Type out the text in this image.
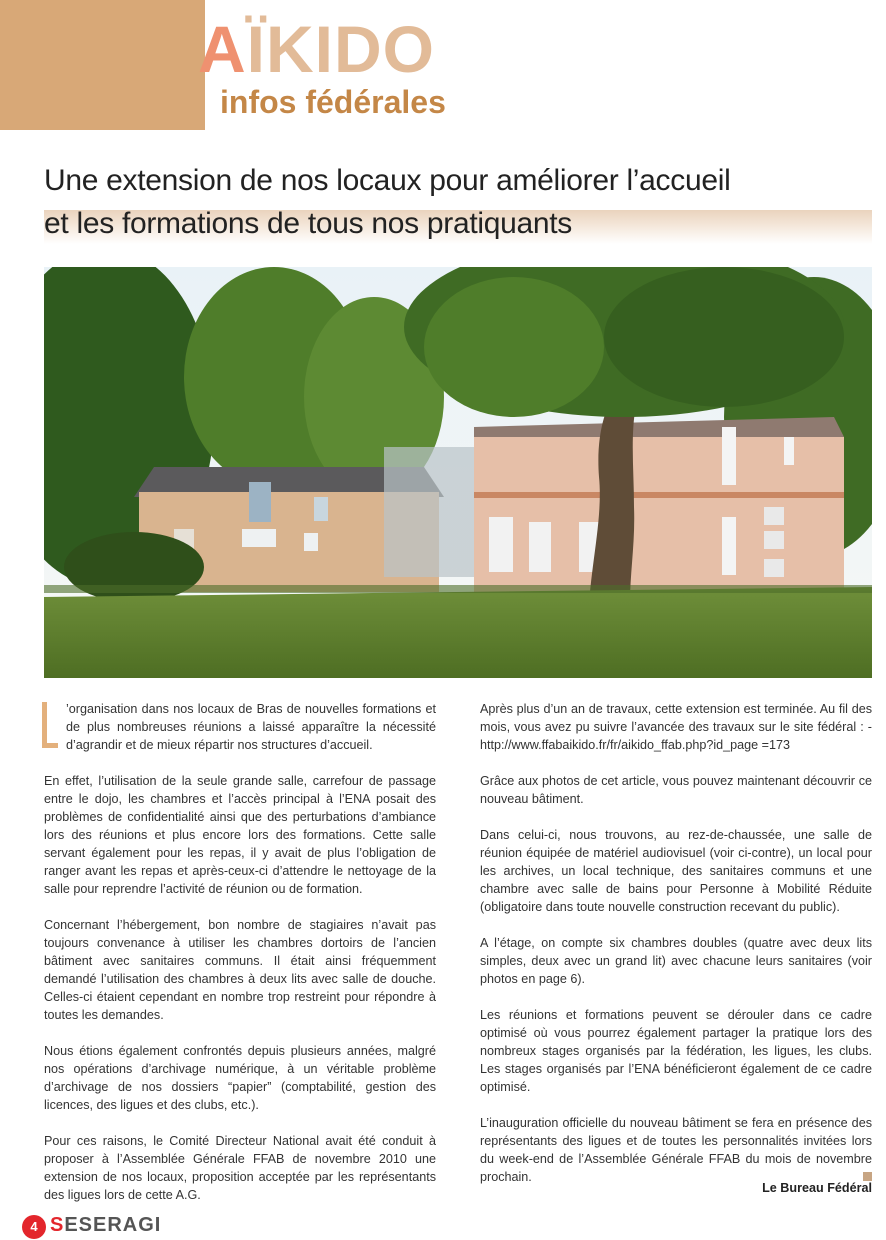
AÏKIDO
infos fédérales
Une extension de nos locaux pour améliorer l’accueil
et les formations de tous nos pratiquants

’organisation dans nos locaux de Bras de nouvelles formations et de plus nombreuses réunions a laissé apparaître la nécessité d’agrandir et de mieux répartir nos structures d’accueil.

En effet, l’utilisation de la seule grande salle, carrefour de passage entre le dojo, les chambres et l’accès principal à l’ENA posait des problèmes de confidentialité ainsi que des perturbations d’ambiance lors des réunions et plus encore lors des formations. Cette salle servant également pour les repas, il y avait de plus l’obligation de ranger avant les repas et après-ceux-ci d’attendre le nettoyage de la salle pour reprendre l’activité de réunion ou de formation.

Concernant l’hébergement, bon nombre de stagiaires n’avait pas toujours convenance à utiliser les chambres dortoirs de l’ancien bâtiment avec sanitaires communs. Il était ainsi fréquemment demandé l’utilisation des chambres à deux lits avec salle de douche. Celles-ci étaient cependant en nombre trop restreint pour répondre à toutes les demandes.

Nous étions également confrontés depuis plusieurs années, malgré nos opérations d’archivage numérique, à un véritable problème d’archivage de nos dossiers “papier” (comptabilité, gestion des licences, des ligues et des clubs, etc.).

Pour ces raisons, le Comité Directeur National avait été conduit à proposer à l’Assemblée Générale FFAB de novembre 2010 une extension de nos locaux, proposition acceptée par les représentants des ligues lors de cette A.G.

Après plus d’un an de travaux, cette extension est terminée. Au fil des mois, vous avez pu suivre l’avancée des travaux sur le site fédéral : - http://www.ffabaikido.fr/fr/aikido_ffab.php?id_page =173

Grâce aux photos de cet article, vous pouvez maintenant découvrir ce nouveau bâtiment.

Dans celui-ci, nous trouvons, au rez-de-chaussée, une salle de réunion équipée de matériel audiovisuel (voir ci-contre), un local pour les archives, un local technique, des sanitaires communs et une chambre avec salle de bains pour Personne à Mobilité Réduite (obligatoire dans toute nouvelle construction recevant du public).

A l’étage, on compte six chambres doubles (quatre avec deux lits simples, deux avec un grand lit) avec chacune leurs sanitaires (voir photos en page 6).

Les réunions et formations peuvent se dérouler dans ce cadre optimisé où vous pourrez également partager la pratique lors des nombreux stages organisés par la fédération, les ligues, les clubs. Les stages organisés par l’ENA bénéficieront également de ce cadre optimisé.

L’inauguration officielle du nouveau bâtiment se fera en présence des représentants des ligues et de toutes les personnalités invitées lors du week-end de l’Assemblée Générale FFAB du mois de novembre prochain.

Le Bureau Fédéral
4 SESERAGI
